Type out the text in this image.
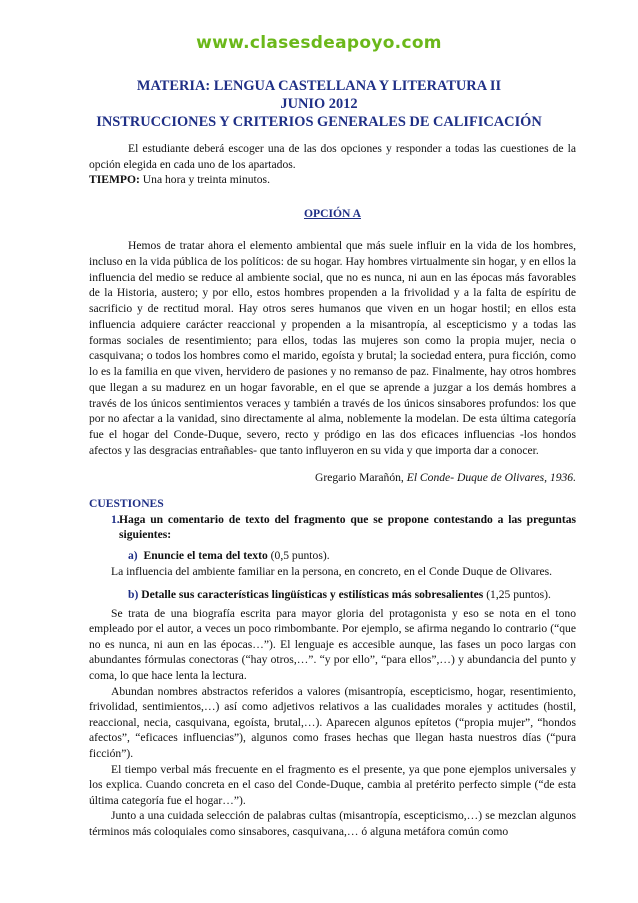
www.clasesdeapoyo.com
MATERIA: LENGUA CASTELLANA Y LITERATURA II
JUNIO 2012
INSTRUCCIONES Y CRITERIOS GENERALES DE CALIFICACIÓN

El estudiante deberá escoger una de las dos opciones y responder a todas las cuestiones de la opción elegida en cada uno de los apartados.

TIEMPO: Una hora y treinta minutos.

OPCIÓN A

Hemos de tratar ahora el elemento ambiental que más suele influir en la vida de los hombres, incluso en la vida pública de los políticos: de su hogar. Hay hombres virtualmente sin hogar, y en ellos la influencia del medio se reduce al ambiente social, que no es nunca, ni aun en las épocas más favorables de la Historia, austero; y por ello, estos hombres propenden a la frivolidad y a la falta de espíritu de sacrificio y de rectitud moral. Hay otros seres humanos que viven en un hogar hostil; en ellos esta influencia adquiere carácter reaccional y propenden a la misantropía, al escepticismo y a todas las formas sociales de resentimiento; para ellos, todas las mujeres son como la propia mujer, necia o casquivana; o todos los hombres como el marido, egoísta y brutal; la sociedad entera, pura ficción, como lo es la familia en que viven, hervidero de pasiones y no remanso de paz. Finalmente, hay otros hombres que llegan a su madurez en un hogar favorable, en el que se aprende a juzgar a los demás hombres a través de los únicos sentimientos veraces y también a través de los únicos sinsabores profundos: los que por no afectar a la vanidad, sino directamente al alma, noblemente la modelan. De esta última categoría fue el hogar del Conde-Duque, severo, recto y pródigo en las dos eficaces influencias -los hondos afectos y las desgracias entrañables- que tanto influyeron en su vida y que importa dar a conocer.

Gregario Marañón, El Conde- Duque de Olivares, 1936.
CUESTIONES
1. Haga un comentario de texto del fragmento que se propone contestando a las preguntas siguientes:

a) Enuncie el tema del texto (0,5 puntos).

La influencia del ambiente familiar en la persona, en concreto, en el Conde Duque de Olivares.

b) Detalle sus características lingüísticas y estilísticas más sobresalientes (1,25 puntos).

Se trata de una biografía escrita para mayor gloria del protagonista y eso se nota en el tono empleado por el autor, a veces un poco rimbombante. Por ejemplo, se afirma negando lo contrario (“que no es nunca, ni aun en las épocas…”). El lenguaje es accesible aunque, las fases un poco largas con abundantes fórmulas conectoras (“hay otros,…”. “y por ello”, “para ellos”,…) y abundancia del punto y coma, lo que hace lenta la lectura.

Abundan nombres abstractos referidos a valores (misantropía, escepticismo, hogar, resentimiento, frivolidad, sentimientos,…) así como adjetivos relativos a las cualidades morales y actitudes (hostil, reaccional, necia, casquivana, egoísta, brutal,…). Aparecen algunos epítetos (“propia mujer”, “hondos afectos”, “eficaces influencias”), algunos como frases hechas que llegan hasta nuestros días (“pura ficción”).

El tiempo verbal más frecuente en el fragmento es el presente, ya que pone ejemplos universales y los explica. Cuando concreta en el caso del Conde-Duque, cambia al pretérito perfecto simple (“de esta última categoría fue el hogar…”).

Junto a una cuidada selección de palabras cultas (misantropía, escepticismo,…) se mezclan algunos términos más coloquiales como sinsabores, casquivana,… ó alguna metáfora común como
